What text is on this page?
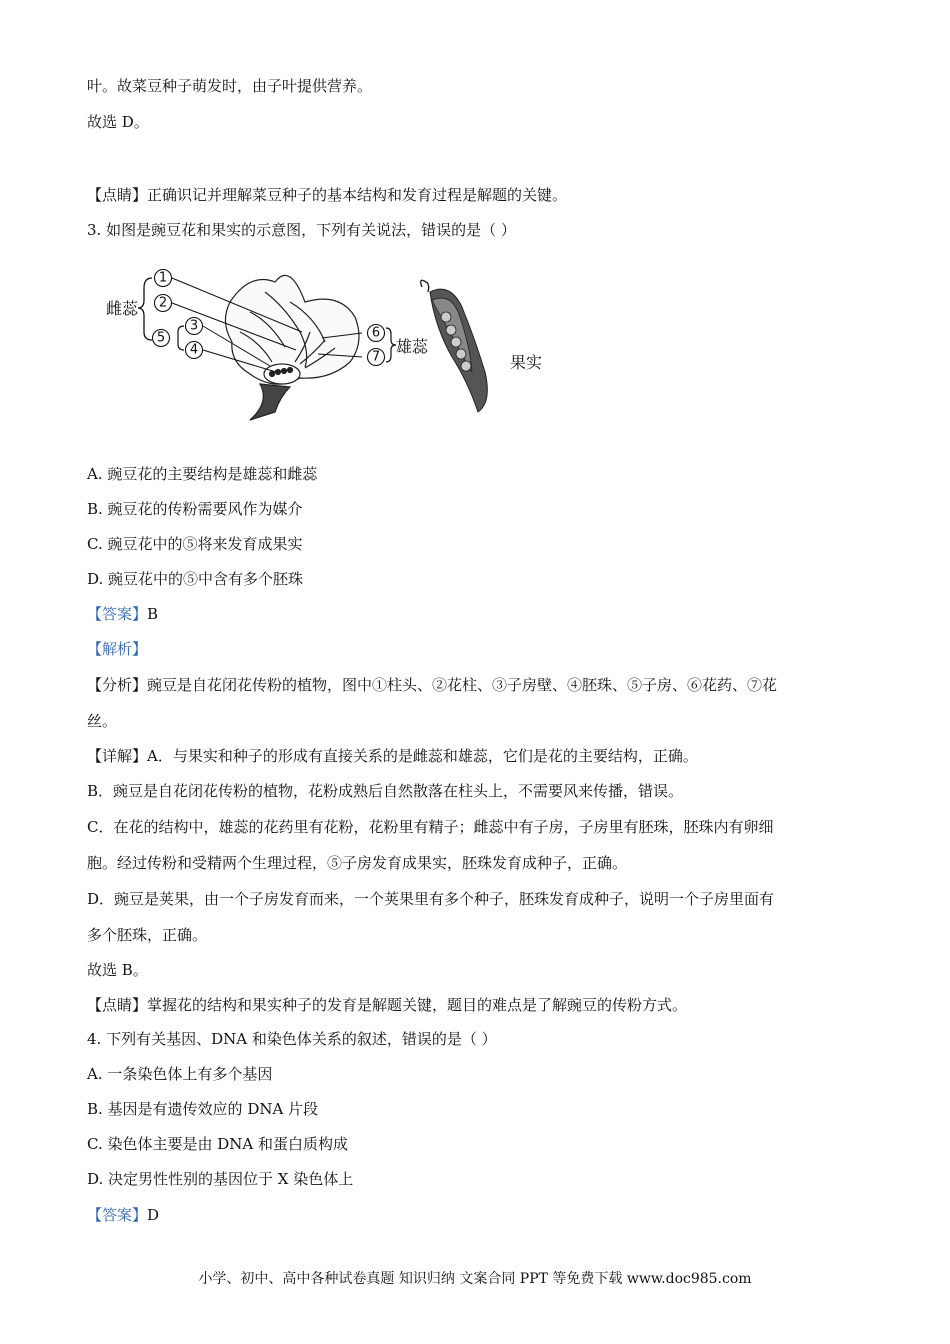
叶。故菜豆种子萌发时，由子叶提供营养。
故选 D。
【点睛】正确识记并理解菜豆种子的基本结构和发育过程是解题的关键。
3. 如图是豌豆花和果实的示意图，下列有关说法，错误的是（ ）
雌蕊
1
2
5
3
4
6
7
雄蕊
果实
A. 豌豆花的主要结构是雄蕊和雌蕊
B. 豌豆花的传粉需要风作为媒介
C. 豌豆花中的⑤将来发育成果实
D. 豌豆花中的⑤中含有多个胚珠
【答案】B
【解析】
【分析】豌豆是自花闭花传粉的植物，图中①柱头、②花柱、③子房壁、④胚珠、⑤子房、⑥花药、⑦花
丝。
【详解】A．与果实和种子的形成有直接关系的是雌蕊和雄蕊，它们是花的主要结构，正确。
B．豌豆是自花闭花传粉的植物，花粉成熟后自然散落在柱头上，不需要风来传播，错误。
C．在花的结构中，雄蕊的花药里有花粉，花粉里有精子；雌蕊中有子房，子房里有胚珠，胚珠内有卵细
胞。经过传粉和受精两个生理过程，⑤子房发育成果实，胚珠发育成种子，正确。
D．豌豆是荚果，由一个子房发育而来，一个荚果里有多个种子，胚珠发育成种子，说明一个子房里面有
多个胚珠，正确。
故选 B。
【点睛】掌握花的结构和果实种子的发育是解题关键，题目的难点是了解豌豆的传粉方式。
4. 下列有关基因、DNA 和染色体关系的叙述，错误的是（ ）
A. 一条染色体上有多个基因
B. 基因是有遗传效应的 DNA 片段
C. 染色体主要是由 DNA 和蛋白质构成
D. 决定男性性别的基因位于 X 染色体上
【答案】D
小学、初中、高中各种试卷真题 知识归纳 文案合同 PPT 等免费下载 www.doc985.com
